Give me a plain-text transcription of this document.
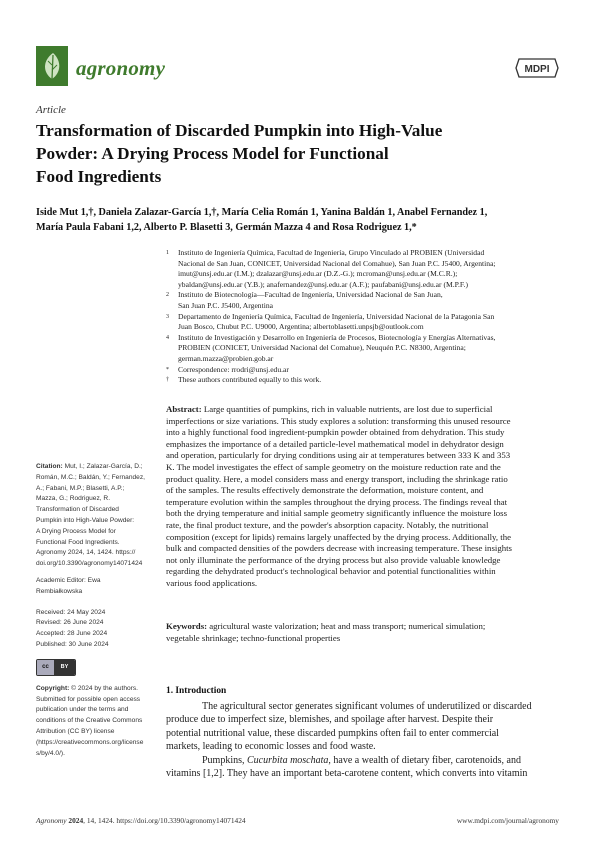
agronomy	MDPI
Article
Transformation of Discarded Pumpkin into High-Value
Powder: A Drying Process Model for Functional
Food Ingredients
Iside Mut 1,†, Daniela Zalazar-García 1,†, María Celia Román 1, Yanina Baldán 1, Anabel Fernandez 1,
María Paula Fabani 1,2, Alberto P. Blasetti 3, Germán Mazza 4 and Rosa Rodriguez 1,*
1 Instituto de Ingeniería Química, Facultad de Ingeniería, Grupo Vinculado al PROBIEN (Universidad
Nacional de San Juan, CONICET, Universidad Nacional del Comahue), San Juan P.C. J5400, Argentina;
imut@unsj.edu.ar (I.M.); dzalazar@unsj.edu.ar (D.Z.-G.); mcroman@unsj.edu.ar (M.C.R.);
ybaldan@unsj.edu.ar (Y.B.); anafernandez@unsj.edu.ar (A.F.); paufabani@unsj.edu.ar (M.P.F.)
2 Instituto de Biotecnología—Facultad de Ingeniería, Universidad Nacional de San Juan,
San Juan P.C. J5400, Argentina
3 Departamento de Ingeniería Química, Facultad de Ingeniería, Universidad Nacional de la Patagonia San
Juan Bosco, Chubut P.C. U9000, Argentina; albertoblasetti.unpsjb@outlook.com
4 Instituto de Investigación y Desarrollo en Ingeniería de Procesos, Biotecnología y Energías Alternativas,
PROBIEN (CONICET, Universidad Nacional del Comahue), Neuquén P.C. N8300, Argentina;
german.mazza@probien.gob.ar
* Correspondence: rrodri@unsj.edu.ar
† These authors contributed equally to this work.
Citation: Mut, I.; Zalazar-García, D.;
Román, M.C.; Baldán, Y.; Fernandez,
A.; Fabani, M.P.; Blasetti, A.P.;
Mazza, G.; Rodriguez, R.
Transformation of Discarded
Pumpkin into High-Value Powder:
A Drying Process Model for
Functional Food Ingredients.
Agronomy 2024, 14, 1424. https://
doi.org/10.3390/agronomy14071424
Academic Editor: Ewa
Rembiałkowska
Received: 24 May 2024
Revised: 26 June 2024
Accepted: 28 June 2024
Published: 30 June 2024
cc	BY
Copyright: © 2024 by the authors.
Submitted for possible open access
publication under the terms and
conditions of the Creative Commons
Attribution (CC BY) license
(https://creativecommons.org/license
s/by/4.0/).
Abstract: Large quantities of pumpkins, rich in valuable nutrients, are lost due to superficial
imperfections or size variations. This study explores a solution: transforming this unused resource
into a highly functional food ingredient-pumpkin powder obtained from dehydration. This study
emphasizes the importance of a detailed particle-level mathematical model in dehydrator design
and operation, particularly for drying conditions using air at temperatures between 333 K and 353
K. The model investigates the effect of sample geometry on the moisture reduction rate and the
product quality. Here, a model considers mass and energy transport, including the shrinkage ratio
of the samples. The results effectively demonstrate the deformation, moisture content, and
temperature evolution within the samples throughout the drying process. The findings reveal that
both the drying temperature and initial sample geometry significantly influence the moisture loss
rate, the final product texture, and the powder's absorption capacity. Notably, the nutritional
composition (except for lipids) remains largely unaffected by the drying process. Additionally, the
bulk and compacted densities of the powders decrease with increasing temperature. These insights
not only illuminate the performance of the drying process but also provide valuable knowledge
regarding the dehydrated product's technological behavior and potential functionalities within
various food applications.
Keywords: agricultural waste valorization; heat and mass transport; numerical simulation;
vegetable shrinkage; techno-functional properties
1. Introduction
The agricultural sector generates significant volumes of underutilized or discarded
produce due to imperfect size, blemishes, and spoilage after harvest. Despite their
potential nutritional value, these discarded pumpkins often fail to enter commercial
markets, leading to economic losses and food waste.
Pumpkins, Cucurbita moschata, have a wealth of dietary fiber, carotenoids, and
vitamins [1,2]. They have an important beta-carotene content, which converts into vitamin
Agronomy 2024, 14, 1424. https://doi.org/10.3390/agronomy14071424	www.mdpi.com/journal/agronomy
